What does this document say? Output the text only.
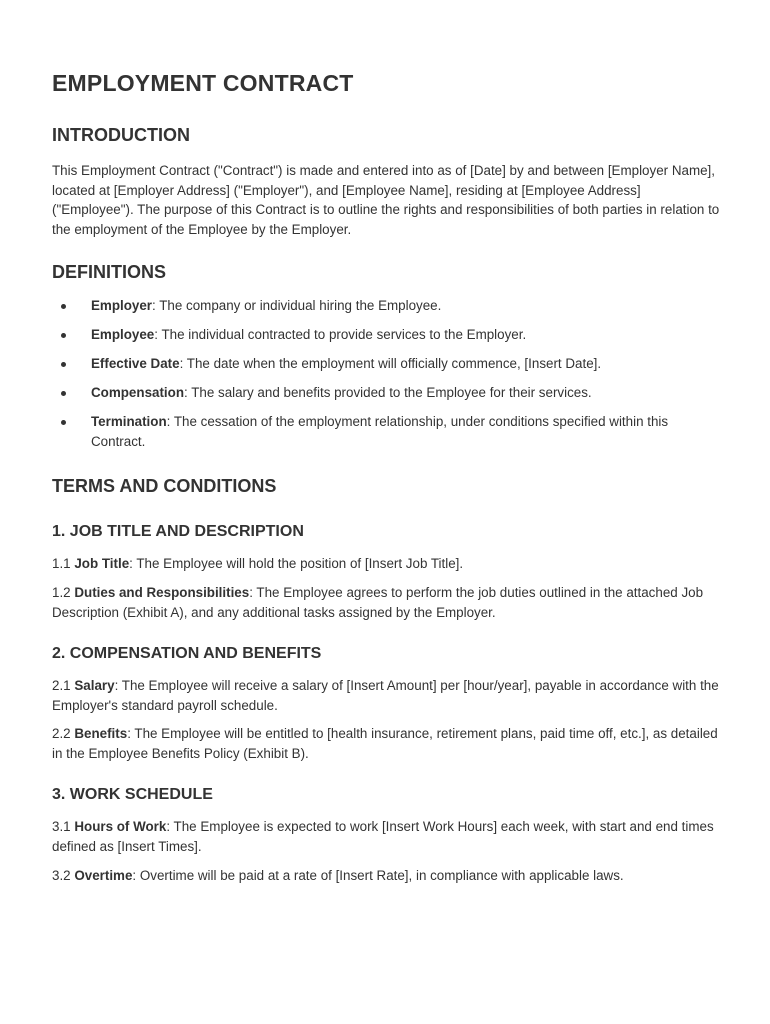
EMPLOYMENT CONTRACT
INTRODUCTION

This Employment Contract ("Contract") is made and entered into as of [Date] by and between [Employer Name], located at [Employer Address] ("Employer"), and [Employee Name], residing at [Employee Address] ("Employee"). The purpose of this Contract is to outline the rights and responsibilities of both parties in relation to the employment of the Employee by the Employer.

DEFINITIONS
Employer: The company or individual hiring the Employee.
Employee: The individual contracted to provide services to the Employer.
Effective Date: The date when the employment will officially commence, [Insert Date].
Compensation: The salary and benefits provided to the Employee for their services.
Termination: The cessation of the employment relationship, under conditions specified within this Contract.
TERMS AND CONDITIONS
1. JOB TITLE AND DESCRIPTION

1.1 Job Title: The Employee will hold the position of [Insert Job Title].

1.2 Duties and Responsibilities: The Employee agrees to perform the job duties outlined in the attached Job Description (Exhibit A), and any additional tasks assigned by the Employer.

2. COMPENSATION AND BENEFITS

2.1 Salary: The Employee will receive a salary of [Insert Amount] per [hour/year], payable in accordance with the Employer's standard payroll schedule.

2.2 Benefits: The Employee will be entitled to [health insurance, retirement plans, paid time off, etc.], as detailed in the Employee Benefits Policy (Exhibit B).

3. WORK SCHEDULE

3.1 Hours of Work: The Employee is expected to work [Insert Work Hours] each week, with start and end times defined as [Insert Times].

3.2 Overtime: Overtime will be paid at a rate of [Insert Rate], in compliance with applicable laws.
